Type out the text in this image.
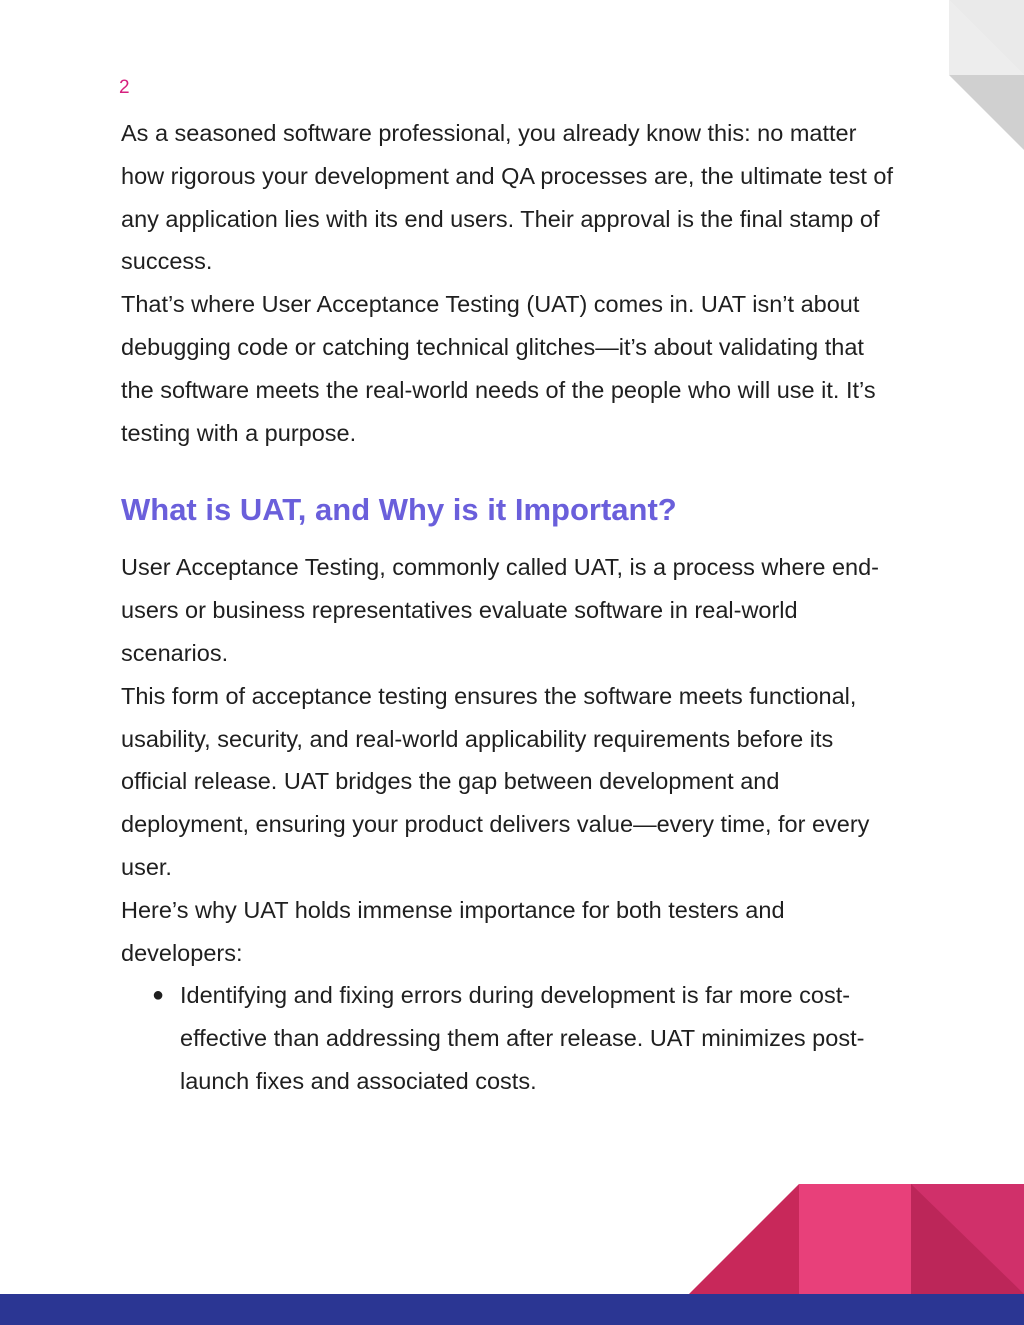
2

As a seasoned software professional, you already know this: no matter how rigorous your development and QA processes are, the ultimate test of any application lies with its end users. Their approval is the final stamp of success.

That’s where User Acceptance Testing (UAT) comes in. UAT isn’t about debugging code or catching technical glitches—it’s about validating that the software meets the real-world needs of the people who will use it. It’s testing with a purpose.

What is UAT, and Why is it Important?

User Acceptance Testing, commonly called UAT, is a process where end-users or business representatives evaluate software in real-world scenarios.

This form of acceptance testing ensures the software meets functional, usability, security, and real-world applicability requirements before its official release. UAT bridges the gap between development and deployment, ensuring your product delivers value—every time, for every user.

Here’s why UAT holds immense importance for both testers and developers:

● Identifying and fixing errors during development is far more cost-effective than addressing them after release. UAT minimizes post-launch fixes and associated costs.
